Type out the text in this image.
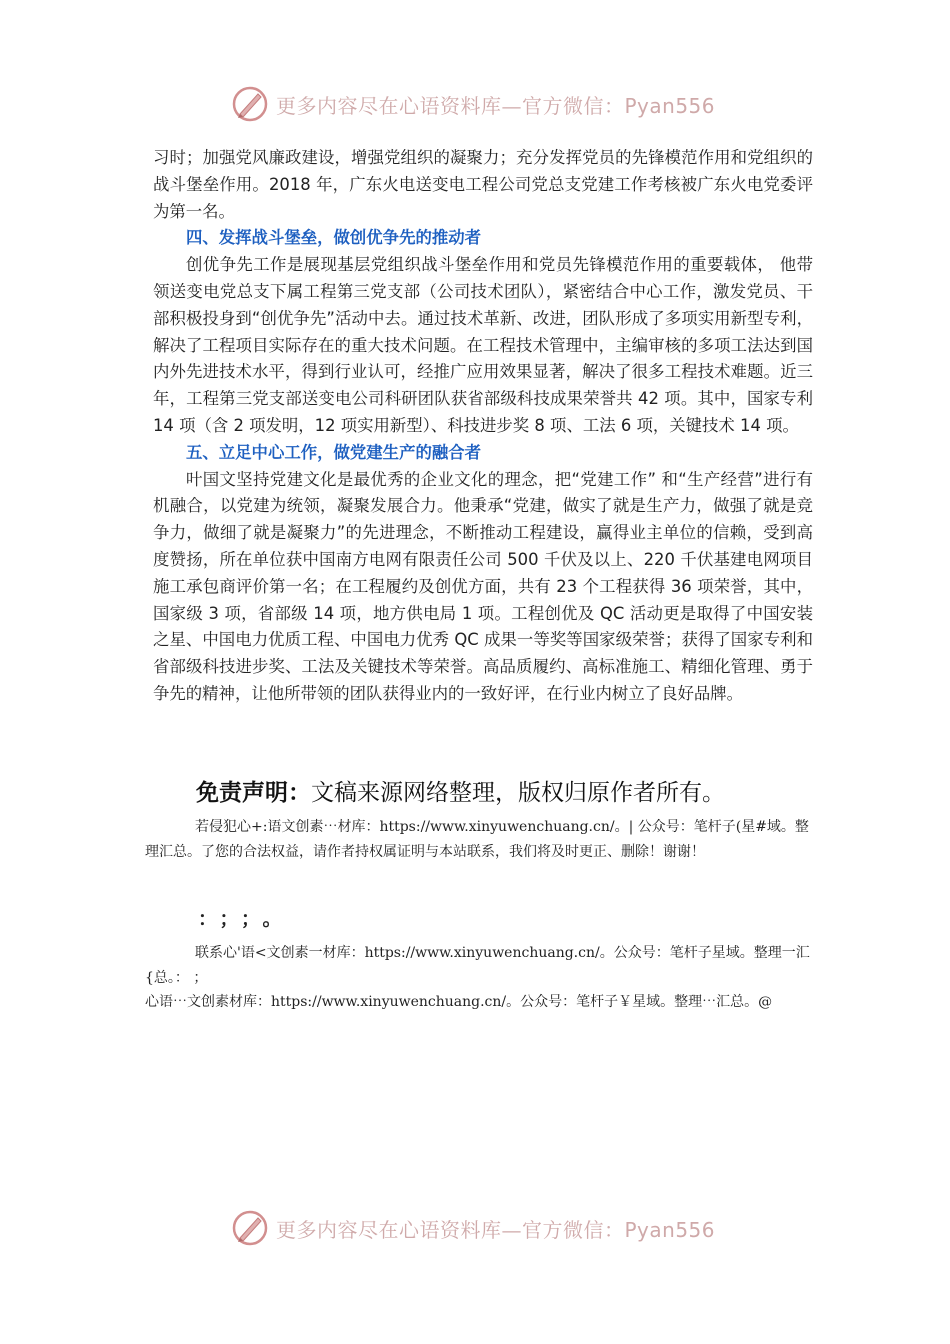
更多内容尽在心语资料库—官方微信：Pyan556

习时；加强党风廉政建设，增强党组织的凝聚力；充分发挥党员的先锋模范作用和党组织的战斗堡垒作用。2018 年，广东火电送变电工程公司党总支党建工作考核被广东火电党委评为第一名。

四、发挥战斗堡垒，做创优争先的推动者

创优争先工作是展现基层党组织战斗堡垒作用和党员先锋模范作用的重要载体， 他带领送变电党总支下属工程第三党支部（公司技术团队），紧密结合中心工作，激发党员、干部积极投身到“创优争先”活动中去。通过技术革新、改进，团队形成了多项实用新型专利，解决了工程项目实际存在的重大技术问题。在工程技术管理中，主编审核的多项工法达到国内外先进技术水平，得到行业认可，经推广应用效果显著，解决了很多工程技术难题。近三年，工程第三党支部送变电公司科研团队获省部级科技成果荣誉共 42 项。其中，国家专利 14 项（含 2 项发明，12 项实用新型）、科技进步奖 8 项、工法 6 项，关键技术 14 项。

五、立足中心工作，做党建生产的融合者

叶国文坚持党建文化是最优秀的企业文化的理念，把“党建工作” 和“生产经营”进行有机融合，以党建为统领，凝聚发展合力。他秉承“党建，做实了就是生产力，做强了就是竞争力，做细了就是凝聚力”的先进理念，不断推动工程建设，赢得业主单位的信赖，受到高度赞扬，所在单位获中国南方电网有限责任公司 500 千伏及以上、220 千伏基建电网项目施工承包商评价第一名；在工程履约及创优方面，共有 23 个工程获得 36 项荣誉，其中，国家级 3 项，省部级 14 项，地方供电局 1 项。工程创优及 QC 活动更是取得了中国安装之星、中国电力优质工程、中国电力优秀 QC 成果一等奖等国家级荣誉；获得了国家专利和省部级科技进步奖、工法及关键技术等荣誉。高品质履约、高标准施工、精细化管理、勇于争先的精神，让他所带领的团队获得业内的一致好评，在行业内树立了良好品牌。

免责声明：文稿来源网络整理，版权归原作者所有。

若侵犯心+:语文创素⋯材库：https://www.xinyuwenchuang.cn/。| 公众号：笔杆子(星#域。整理汇总。了您的合法权益，请作者持权属证明与本站联系，我们将及时更正、删除！谢谢！

：；；。

联系心'语<文创素一材库：https://www.xinyuwenchuang.cn/。公众号：笔杆子星域。整理一汇{总。： ；

心语⋯文创素材库：https://www.xinyuwenchuang.cn/。公众号：笔杆子￥星域。整理⋯汇总。@

更多内容尽在心语资料库—官方微信：Pyan556
